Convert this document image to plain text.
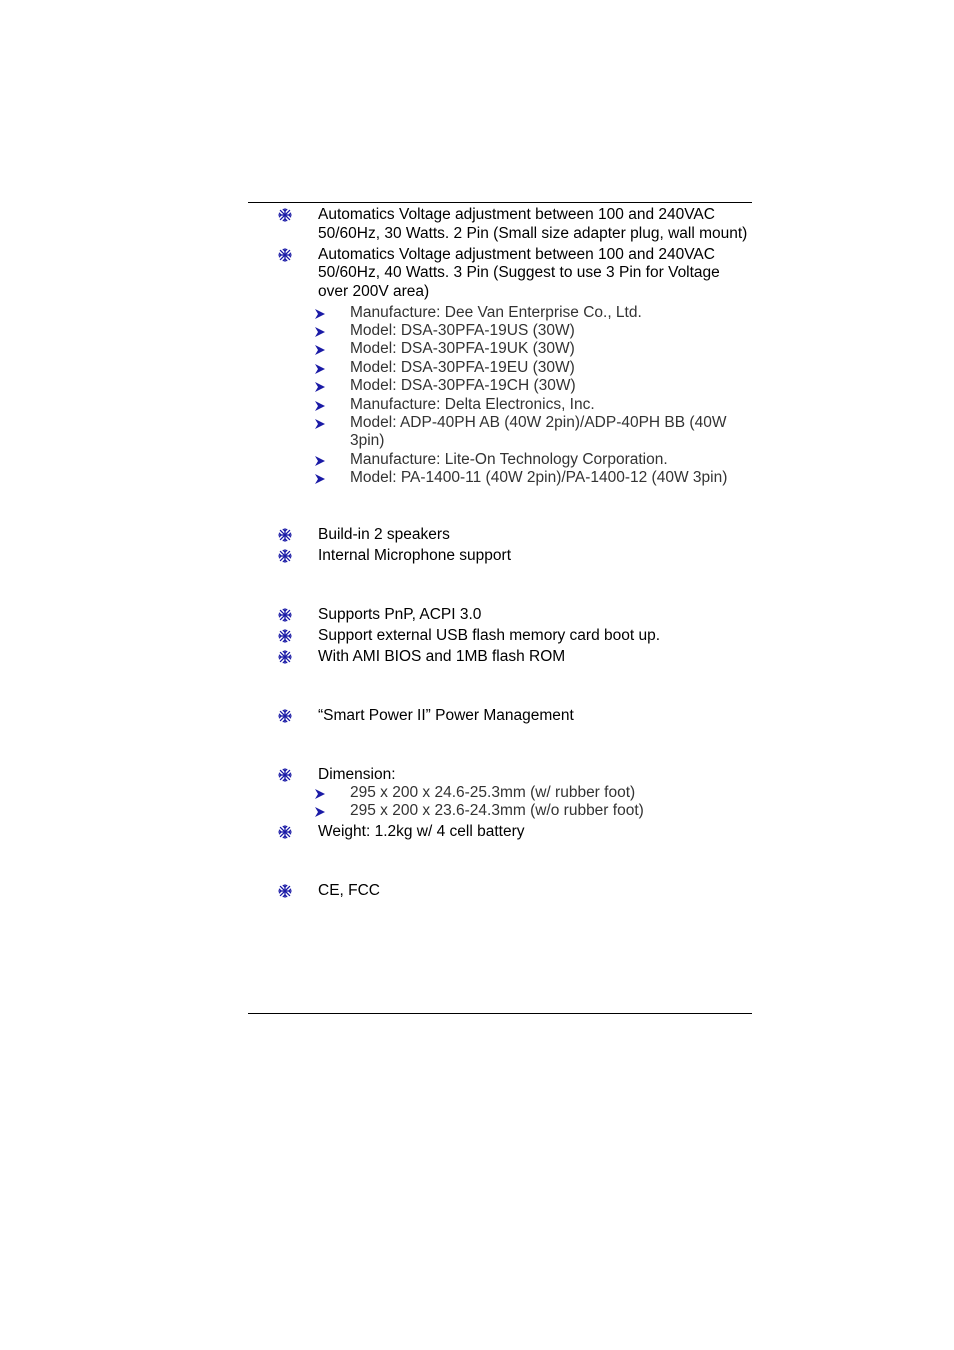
Automatics Voltage adjustment between 100 and 240VAC 50/60Hz, 30 Watts. 2 Pin (Small size adapter plug, wall mount)
Automatics Voltage adjustment between 100 and 240VAC 50/60Hz, 40 Watts. 3 Pin (Suggest to use 3 Pin for Voltage over 200V area)
Manufacture: Dee Van Enterprise Co., Ltd.
Model: DSA-30PFA-19US (30W)
Model: DSA-30PFA-19UK (30W)
Model: DSA-30PFA-19EU (30W)
Model: DSA-30PFA-19CH (30W)
Manufacture: Delta Electronics, Inc.
Model: ADP-40PH AB (40W 2pin)/ADP-40PH BB (40W 3pin)
Manufacture: Lite-On Technology Corporation.
Model: PA-1400-11 (40W 2pin)/PA-1400-12 (40W 3pin)
Build-in 2 speakers
Internal Microphone support
Supports PnP, ACPI 3.0
Support external USB flash memory card boot up.
With AMI BIOS and 1MB flash ROM
“Smart Power II” Power Management
Dimension:
295 x 200 x 24.6-25.3mm (w/ rubber foot)
295 x 200 x 23.6-24.3mm (w/o rubber foot)
Weight: 1.2kg w/ 4 cell battery
CE, FCC
